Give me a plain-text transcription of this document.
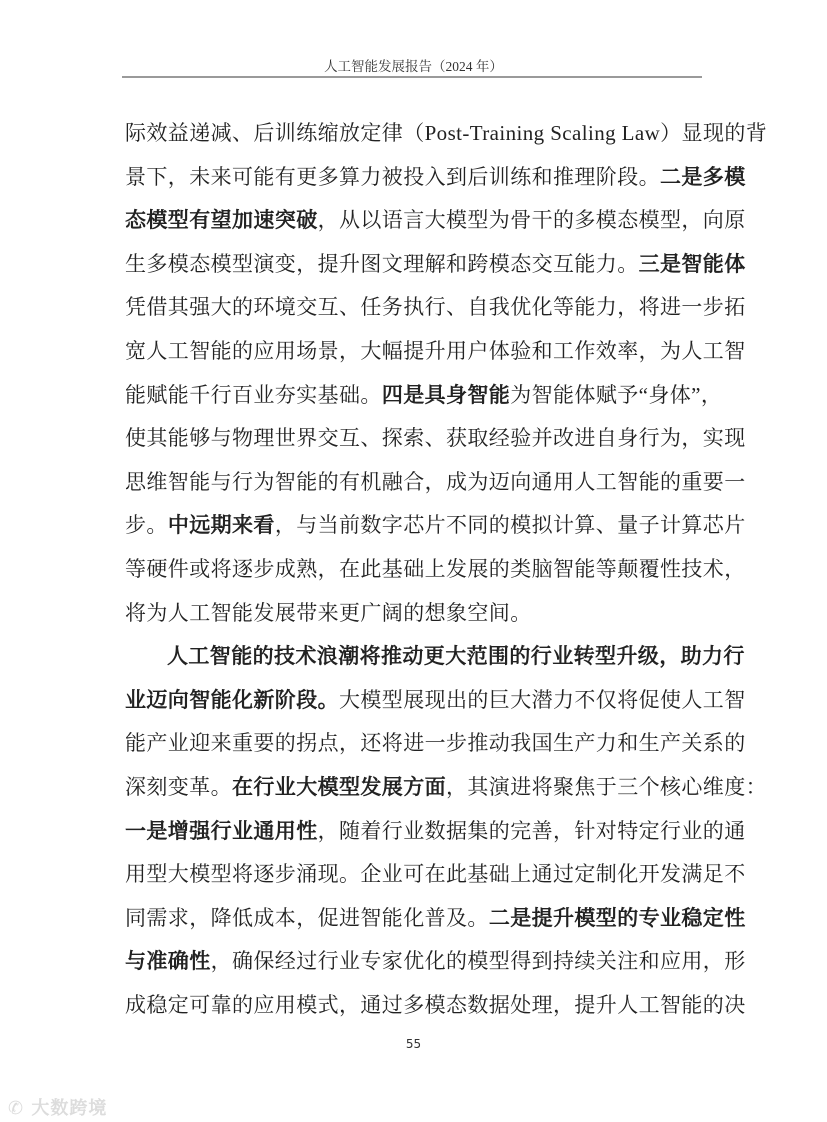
人工智能发展报告（2024 年）
际效益递减、后训练缩放定律（Post-Training Scaling Law）显现的背
景下，未来可能有更多算力被投入到后训练和推理阶段。二是多模
态模型有望加速突破，从以语言大模型为骨干的多模态模型，向原
生多模态模型演变，提升图文理解和跨模态交互能力。三是智能体
凭借其强大的环境交互、任务执行、自我优化等能力，将进一步拓
宽人工智能的应用场景，大幅提升用户体验和工作效率，为人工智
能赋能千行百业夯实基础。四是具身智能为智能体赋予“身体”，
使其能够与物理世界交互、探索、获取经验并改进自身行为，实现
思维智能与行为智能的有机融合，成为迈向通用人工智能的重要一
步。中远期来看，与当前数字芯片不同的模拟计算、量子计算芯片
等硬件或将逐步成熟，在此基础上发展的类脑智能等颠覆性技术，
将为人工智能发展带来更广阔的想象空间。
人工智能的技术浪潮将推动更大范围的行业转型升级，助力行
业迈向智能化新阶段。大模型展现出的巨大潜力不仅将促使人工智
能产业迎来重要的拐点，还将进一步推动我国生产力和生产关系的
深刻变革。在行业大模型发展方面，其演进将聚焦于三个核心维度：
一是增强行业通用性，随着行业数据集的完善，针对特定行业的通
用型大模型将逐步涌现。企业可在此基础上通过定制化开发满足不
同需求，降低成本，促进智能化普及。二是提升模型的专业稳定性
与准确性，确保经过行业专家优化的模型得到持续关注和应用，形
成稳定可靠的应用模式，通过多模态数据处理，提升人工智能的决
55
✆ 大数跨境
